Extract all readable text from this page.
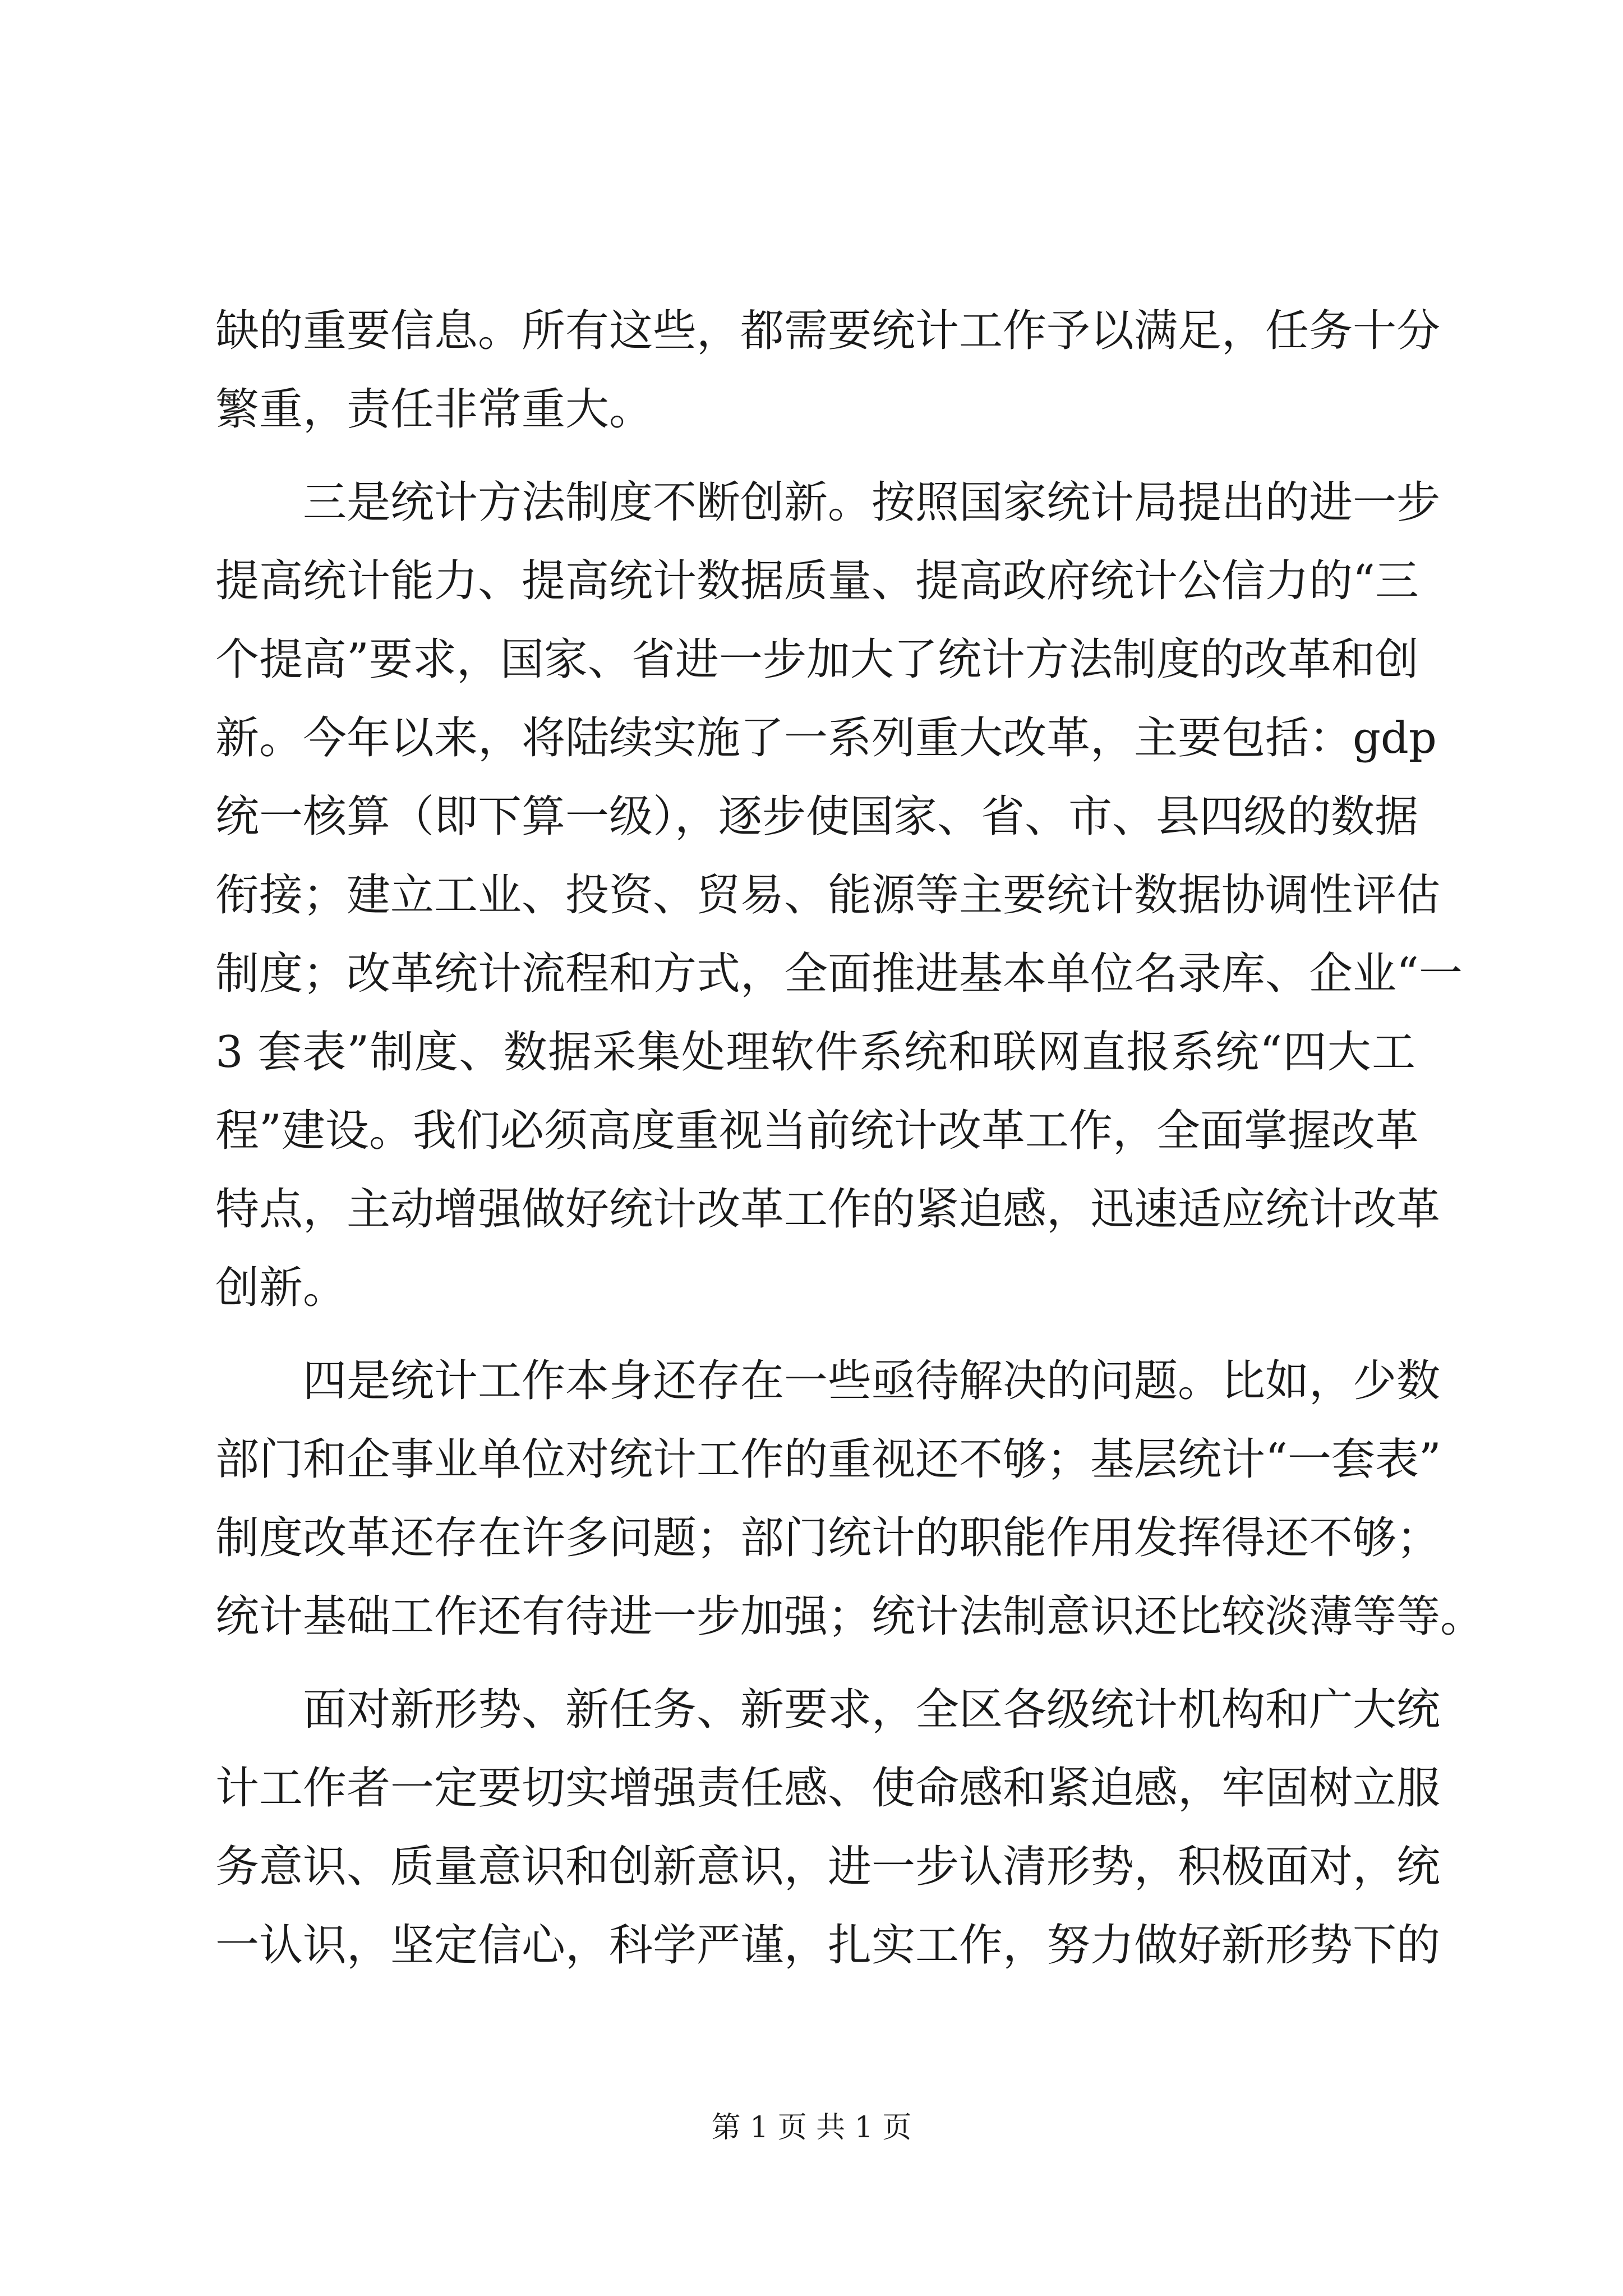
缺的重要信息。所有这些，都需要统计工作予以满足，任务十分
繁重，责任非常重大。
三是统计方法制度不断创新。按照国家统计局提出的进一步
提高统计能力、提高统计数据质量、提高政府统计公信力的“三
个提高”要求，国家、省进一步加大了统计方法制度的改革和创
新。今年以来，将陆续实施了一系列重大改革，主要包括：gdp
统一核算（即下算一级），逐步使国家、省、市、县四级的数据
衔接；建立工业、投资、贸易、能源等主要统计数据协调性评估
制度；改革统计流程和方式，全面推进基本单位名录库、企业“一
3 套表”制度、数据采集处理软件系统和联网直报系统“四大工
程”建设。我们必须高度重视当前统计改革工作，全面掌握改革
特点，主动增强做好统计改革工作的紧迫感，迅速适应统计改革
创新。
四是统计工作本身还存在一些亟待解决的问题。比如，少数
部门和企事业单位对统计工作的重视还不够；基层统计“一套表”
制度改革还存在许多问题；部门统计的职能作用发挥得还不够；
统计基础工作还有待进一步加强；统计法制意识还比较淡薄等等。
面对新形势、新任务、新要求，全区各级统计机构和广大统
计工作者一定要切实增强责任感、使命感和紧迫感，牢固树立服
务意识、质量意识和创新意识，进一步认清形势，积极面对，统
一认识，坚定信心，科学严谨，扎实工作，努力做好新形势下的
第 1 页 共 1 页
